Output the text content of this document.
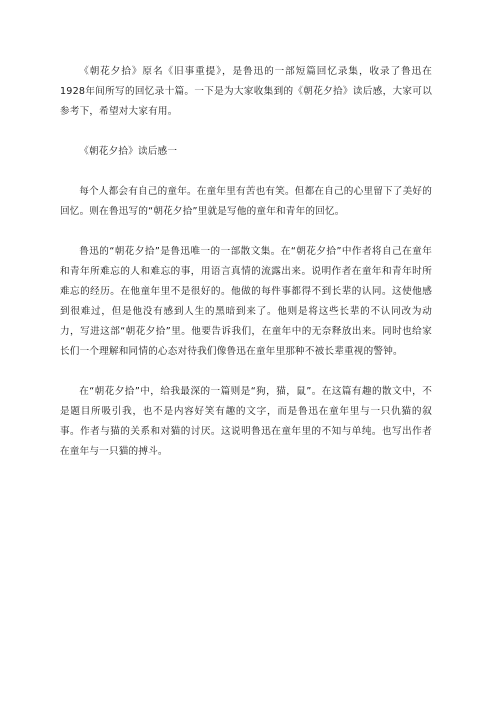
《朝花夕拾》原名《旧事重提》，是鲁迅的一部短篇回忆录集，收录了鲁迅在1928年间所写的回忆录十篇。一下是为大家收集到的《朝花夕拾》读后感，大家可以参考下，希望对大家有用。

《朝花夕拾》读后感一

每个人都会有自己的童年。在童年里有苦也有笑。但都在自己的心里留下了美好的回忆。则在鲁迅写的“朝花夕拾”里就是写他的童年和青年的回忆。

鲁迅的“朝花夕拾”是鲁迅唯一的一部散文集。在“朝花夕拾”中作者将自己在童年和青年所难忘的人和难忘的事，用语言真情的流露出来。说明作者在童年和青年时所难忘的经历。在他童年里不是很好的。他做的每件事都得不到长辈的认同。这使他感到很难过，但是他没有感到人生的黑暗到来了。他则是将这些长辈的不认同改为动力，写进这部“朝花夕拾”里。他要告诉我们，在童年中的无奈释放出来。同时也给家长们一个理解和同情的心态对待我们像鲁迅在童年里那种不被长辈重视的警钟。

在“朝花夕拾”中，给我最深的一篇则是“狗，猫，鼠”。在这篇有趣的散文中，不是题目所吸引我，也不是内容好笑有趣的文字，而是鲁迅在童年里与一只仇猫的叙事。作者与猫的关系和对猫的讨厌。这说明鲁迅在童年里的不知与单纯。也写出作者在童年与一只猫的搏斗。
